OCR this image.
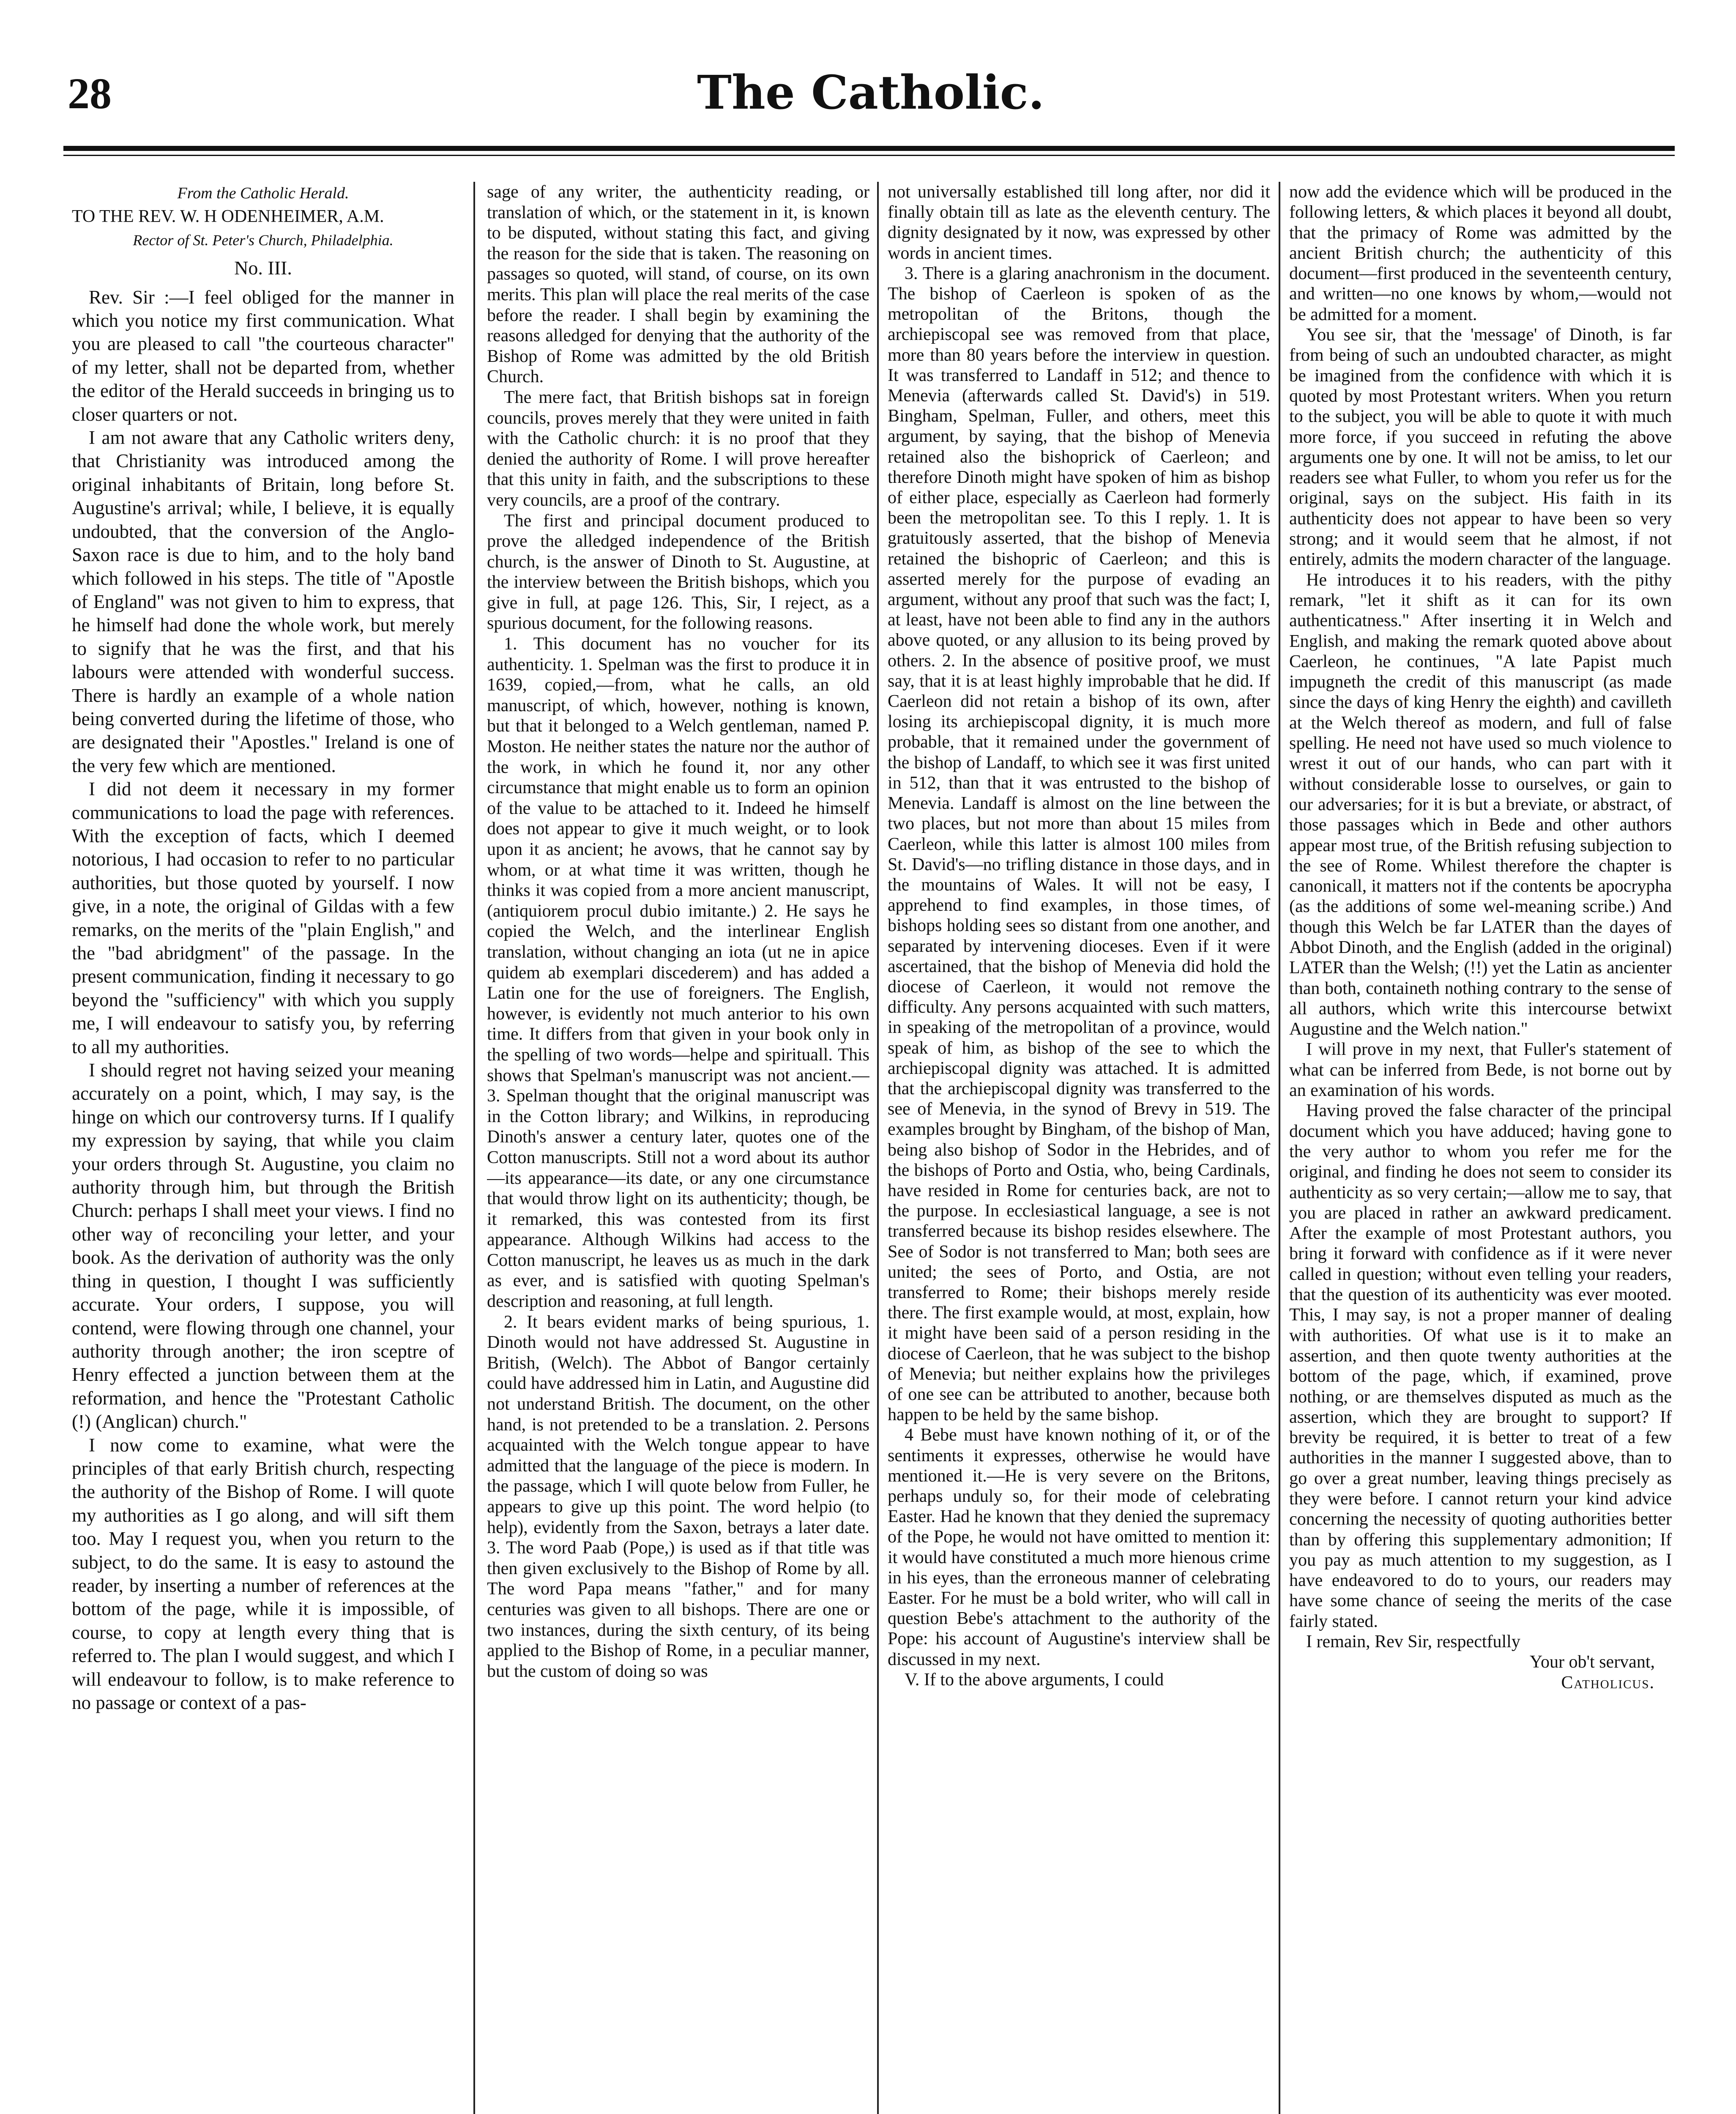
28	The Catholic.

From the Catholic Herald.

TO THE REV. W. H ODENHEIMER, A.M.

Rector of St. Peter's Church, Philadelphia.

No. III.

Rev. Sir :—I feel obliged for the manner in which you notice my first communication. What you are pleased to call "the courteous character" of my letter, shall not be departed from, whether the editor of the Herald succeeds in bringing us to closer quarters or not.

I am not aware that any Catholic writers deny, that Christianity was introduced among the original inhabitants of Britain, long before St. Augustine's arrival; while, I believe, it is equally undoubted, that the conversion of the Anglo-Saxon race is due to him, and to the holy band which followed in his steps. The title of "Apostle of England" was not given to him to express, that he himself had done the whole work, but merely to signify that he was the first, and that his labours were attended with wonderful success. There is hardly an example of a whole nation being converted during the lifetime of those, who are designated their "Apostles." Ireland is one of the very few which are mentioned.

I did not deem it necessary in my former communications to load the page with references. With the exception of facts, which I deemed notorious, I had occasion to refer to no particular authorities, but those quoted by yourself. I now give, in a note, the original of Gildas with a few remarks, on the merits of the "plain English," and the "bad abridgment" of the passage. In the present communication, finding it necessary to go beyond the "sufficiency" with which you supply me, I will endeavour to satisfy you, by referring to all my authorities.

I should regret not having seized your meaning accurately on a point, which, I may say, is the hinge on which our controversy turns. If I qualify my expression by saying, that while you claim your orders through St. Augustine, you claim no authority through him, but through the British Church: perhaps I shall meet your views. I find no other way of reconciling your letter, and your book. As the derivation of authority was the only thing in question, I thought I was sufficiently accurate. Your orders, I suppose, you will contend, were flowing through one channel, your authority through another; the iron sceptre of Henry effected a junction between them at the reformation, and hence the "Protestant Catholic (!) (Anglican) church."

I now come to examine, what were the principles of that early British church, respecting the authority of the Bishop of Rome. I will quote my authorities as I go along, and will sift them too. May I request you, when you return to the subject, to do the same. It is easy to astound the reader, by inserting a number of references at the bottom of the page, while it is impossible, of course, to copy at length every thing that is referred to. The plan I would suggest, and which I will endeavour to follow, is to make reference to no passage or context of a pas-

sage of any writer, the authenticity reading, or translation of which, or the statement in it, is known to be disputed, without stating this fact, and giving the reason for the side that is taken. The reasoning on passages so quoted, will stand, of course, on its own merits. This plan will place the real merits of the case before the reader. I shall begin by examining the reasons alledged for denying that the authority of the Bishop of Rome was admitted by the old British Church.

The mere fact, that British bishops sat in foreign councils, proves merely that they were united in faith with the Catholic church: it is no proof that they denied the authority of Rome. I will prove hereafter that this unity in faith, and the subscriptions to these very councils, are a proof of the contrary.

The first and principal document produced to prove the alledged independence of the British church, is the answer of Dinoth to St. Augustine, at the interview between the British bishops, which you give in full, at page 126. This, Sir, I reject, as a spurious document, for the following reasons.

1. This document has no voucher for its authenticity. 1. Spelman was the first to produce it in 1639, copied,—from, what he calls, an old manuscript, of which, however, nothing is known, but that it belonged to a Welch gentleman, named P. Moston. He neither states the nature nor the author of the work, in which he found it, nor any other circumstance that might enable us to form an opinion of the value to be attached to it. Indeed he himself does not appear to give it much weight, or to look upon it as ancient; he avows, that he cannot say by whom, or at what time it was written, though he thinks it was copied from a more ancient manuscript, (antiquiorem procul dubio imitante.) 2. He says he copied the Welch, and the interlinear English translation, without changing an iota (ut ne in apice quidem ab exemplari discederem) and has added a Latin one for the use of foreigners. The English, however, is evidently not much anterior to his own time. It differs from that given in your book only in the spelling of two words—helpe and spirituall. This shows that Spelman's manuscript was not ancient.—3. Spelman thought that the original manuscript was in the Cotton library; and Wilkins, in reproducing Dinoth's answer a century later, quotes one of the Cotton manuscripts. Still not a word about its author—its appearance—its date, or any one circumstance that would throw light on its authenticity; though, be it remarked, this was contested from its first appearance. Although Wilkins had access to the Cotton manuscript, he leaves us as much in the dark as ever, and is satisfied with quoting Spelman's description and reasoning, at full length.

2. It bears evident marks of being spurious, 1. Dinoth would not have addressed St. Augustine in British, (Welch). The Abbot of Bangor certainly could have addressed him in Latin, and Augustine did not understand British. The document, on the other hand, is not pretended to be a translation. 2. Persons acquainted with the Welch tongue appear to have admitted that the language of the piece is modern. In the passage, which I will quote below from Fuller, he appears to give up this point. The word helpio (to help), evidently from the Saxon, betrays a later date. 3. The word Paab (Pope,) is used as if that title was then given exclusively to the Bishop of Rome by all. The word Papa means "father," and for many centuries was given to all bishops. There are one or two instances, during the sixth century, of its being applied to the Bishop of Rome, in a peculiar manner, but the custom of doing so was

not universally established till long after, nor did it finally obtain till as late as the eleventh century. The dignity designated by it now, was expressed by other words in ancient times.

3. There is a glaring anachronism in the document. The bishop of Caerleon is spoken of as the metropolitan of the Britons, though the archiepiscopal see was removed from that place, more than 80 years before the interview in question. It was transferred to Landaff in 512; and thence to Menevia (afterwards called St. David's) in 519. Bingham, Spelman, Fuller, and others, meet this argument, by saying, that the bishop of Menevia retained also the bishoprick of Caerleon; and therefore Dinoth might have spoken of him as bishop of either place, especially as Caerleon had formerly been the metropolitan see. To this I reply. 1. It is gratuitously asserted, that the bishop of Menevia retained the bishopric of Caerleon; and this is asserted merely for the purpose of evading an argument, without any proof that such was the fact; I, at least, have not been able to find any in the authors above quoted, or any allusion to its being proved by others. 2. In the absence of positive proof, we must say, that it is at least highly improbable that he did. If Caerleon did not retain a bishop of its own, after losing its archiepiscopal dignity, it is much more probable, that it remained under the government of the bishop of Landaff, to which see it was first united in 512, than that it was entrusted to the bishop of Menevia. Landaff is almost on the line between the two places, but not more than about 15 miles from Caerleon, while this latter is almost 100 miles from St. David's—no trifling distance in those days, and in the mountains of Wales. It will not be easy, I apprehend to find examples, in those times, of bishops holding sees so distant from one another, and separated by intervening dioceses. Even if it were ascertained, that the bishop of Menevia did hold the diocese of Caerleon, it would not remove the difficulty. Any persons acquainted with such matters, in speaking of the metropolitan of a province, would speak of him, as bishop of the see to which the archiepiscopal dignity was attached. It is admitted that the archiepiscopal dignity was transferred to the see of Menevia, in the synod of Brevy in 519. The examples brought by Bingham, of the bishop of Man, being also bishop of Sodor in the Hebrides, and of the bishops of Porto and Ostia, who, being Cardinals, have resided in Rome for centuries back, are not to the purpose. In ecclesiastical language, a see is not transferred because its bishop resides elsewhere. The See of Sodor is not transferred to Man; both sees are united; the sees of Porto, and Ostia, are not transferred to Rome; their bishops merely reside there. The first example would, at most, explain, how it might have been said of a person residing in the diocese of Caerleon, that he was subject to the bishop of Menevia; but neither explains how the privileges of one see can be attributed to another, because both happen to be held by the same bishop.

4 Bebe must have known nothing of it, or of the sentiments it expresses, otherwise he would have mentioned it.—He is very severe on the Britons, perhaps unduly so, for their mode of celebrating Easter. Had he known that they denied the supremacy of the Pope, he would not have omitted to mention it: it would have constituted a much more hienous crime in his eyes, than the erroneous manner of celebrating Easter. For he must be a bold writer, who will call in question Bebe's attachment to the authority of the Pope: his account of Augustine's interview shall be discussed in my next.

V. If to the above arguments, I could

now add the evidence which will be produced in the following letters, & which places it beyond all doubt, that the primacy of Rome was admitted by the ancient British church; the authenticity of this document—first produced in the seventeenth century, and written—no one knows by whom,—would not be admitted for a moment.

You see sir, that the 'message' of Dinoth, is far from being of such an undoubted character, as might be imagined from the confidence with which it is quoted by most Protestant writers. When you return to the subject, you will be able to quote it with much more force, if you succeed in refuting the above arguments one by one. It will not be amiss, to let our readers see what Fuller, to whom you refer us for the original, says on the subject. His faith in its authenticity does not appear to have been so very strong; and it would seem that he almost, if not entirely, admits the modern character of the language.

He introduces it to his readers, with the pithy remark, "let it shift as it can for its own authenticatness." After inserting it in Welch and English, and making the remark quoted above about Caerleon, he continues, "A late Papist much impugneth the credit of this manuscript (as made since the days of king Henry the eighth) and cavilleth at the Welch thereof as modern, and full of false spelling. He need not have used so much violence to wrest it out of our hands, who can part with it without considerable losse to ourselves, or gain to our adversaries; for it is but a breviate, or abstract, of those passages which in Bede and other authors appear most true, of the British refusing subjection to the see of Rome. Whilest therefore the chapter is canonicall, it matters not if the contents be apocrypha (as the additions of some wel-meaning scribe.) And though this Welch be far LATER than the dayes of Abbot Dinoth, and the English (added in the original) LATER than the Welsh; (!!) yet the Latin as ancienter than both, containeth nothing contrary to the sense of all authors, which write this intercourse betwixt Augustine and the Welch nation."

I will prove in my next, that Fuller's statement of what can be inferred from Bede, is not borne out by an examination of his words.

Having proved the false character of the principal document which you have adduced; having gone to the very author to whom you refer me for the original, and finding he does not seem to consider its authenticity as so very certain;—allow me to say, that you are placed in rather an awkward predicament. After the example of most Protestant authors, you bring it forward with confidence as if it were never called in question; without even telling your readers, that the question of its authenticity was ever mooted. This, I may say, is not a proper manner of dealing with authorities. Of what use is it to make an assertion, and then quote twenty authorities at the bottom of the page, which, if examined, prove nothing, or are themselves disputed as much as the assertion, which they are brought to support? If brevity be required, it is better to treat of a few authorities in the manner I suggested above, than to go over a great number, leaving things precisely as they were before. I cannot return your kind advice concerning the necessity of quoting authorities better than by offering this supplementary admonition; If you pay as much attention to my suggestion, as I have endeavored to do to yours, our readers may have some chance of seeing the merits of the case fairly stated.

I remain, Rev Sir, respectfully

Your ob't servant,

Catholicus.
